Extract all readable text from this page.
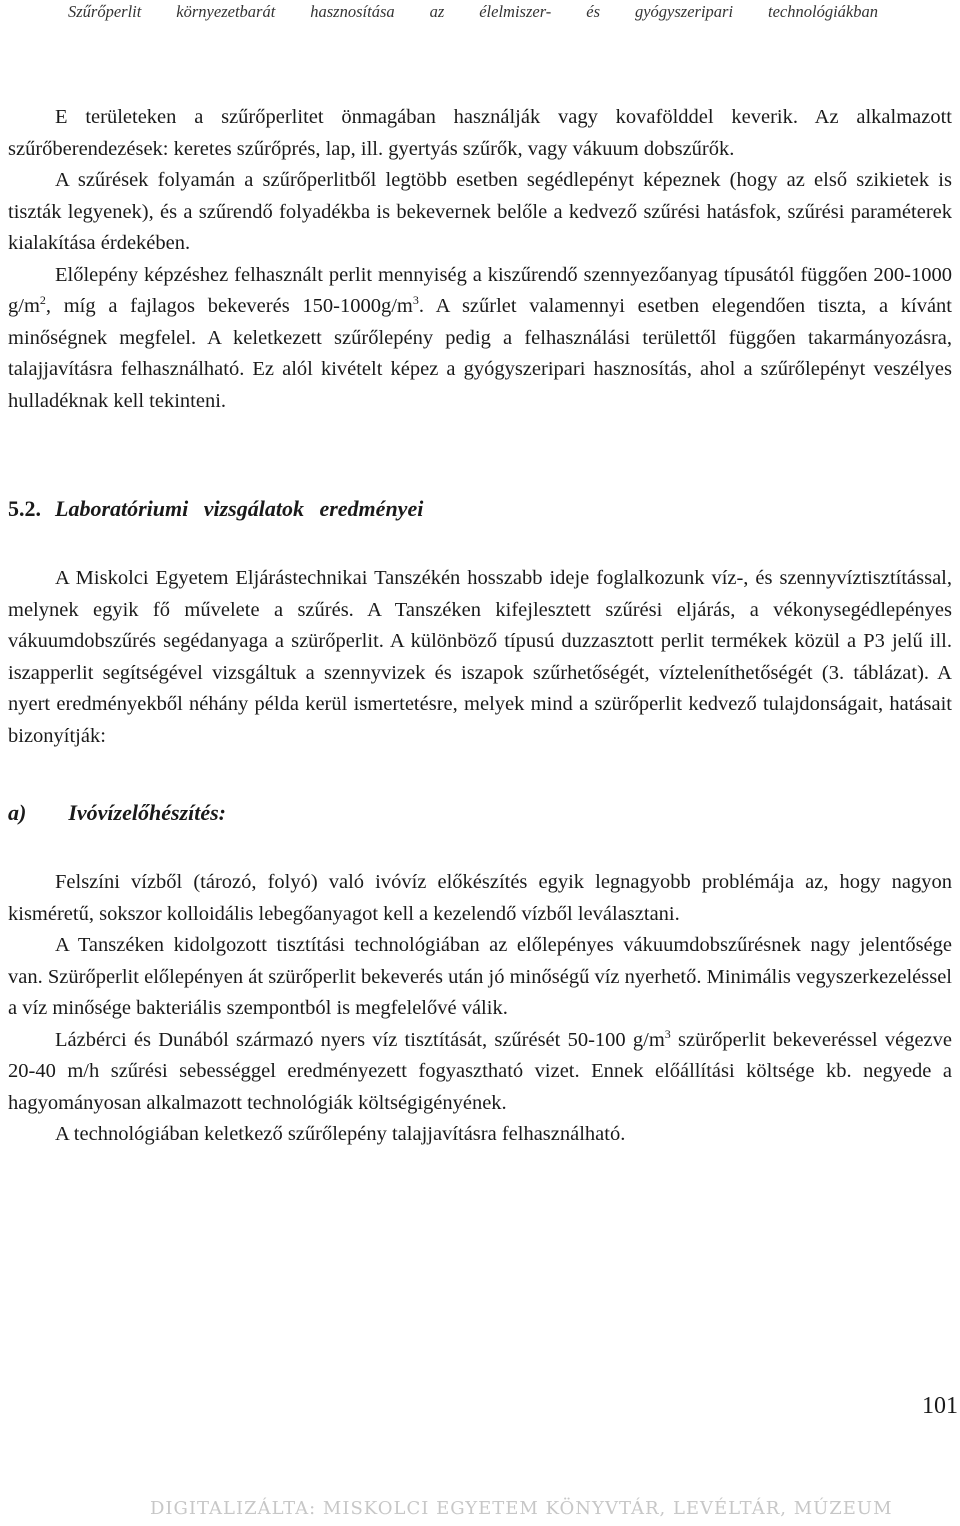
Szűrőperlit környezetbarát hasznosítása az élelmiszer- és gyógyszeripari technológiákban

E területeken a szűrőperlitet önmagában használják vagy kovafölddel keverik. Az alkalmazott szűrőberendezések: keretes szűrőprés, lap, ill. gyertyás szűrők, vagy vákuum dobszűrők.

A szűrések folyamán a szűrőperlitből legtöbb esetben segédlepényt képeznek (hogy az első szikietek is tiszták legyenek), és a szűrendő folyadékba is bekevernek belőle a kedvező szűrési hatásfok, szűrési paraméterek kialakítása érdekében.

Előlepény képzéshez felhasznált perlit mennyiség a kiszűrendő szennyezőanyag típusától függően 200-1000 $g/m^2$, míg a fajlagos bekeverés $150-1000g/m^3$. A szűrlet valamennyi esetben elegendően tiszta, a kívánt minőségnek megfelel. A keletkezett szűrőlepény pedig a felhasználási területtől függően takarmányozásra, talajjavításra felhasználható. Ez alól kivételt képez a gyógyszeripari hasznosítás, ahol a szűrőlepényt veszélyes hulladéknak kell tekinteni.

5.2. Laboratóriumi vizsgálatok eredményei

A Miskolci Egyetem Eljárástechnikai Tanszékén hosszabb ideje foglalkozunk víz-, és szennyvíztisztítással, melynek egyik fő művelete a szűrés. A Tanszéken kifejlesztett szűrési eljárás, a vékonysegédlepényes vákuumdobszűrés segédanyaga a szürőperlit. A különböző típusú duzzasztott perlit termékek közül a P3 jelű ill. iszapperlit segítségével vizsgáltuk a szennyvizek és iszapok szűrhetőségét, vízteleníthetőségét (3. táblázat). A nyert eredményekből néhány példa kerül ismertetésre, melyek mind a szürőperlit kedvező tulajdonságait, hatásait bizonyítják:

a) Ivóvízelőhészítés:

Felszíni vízből (tározó, folyó) való ivóvíz előkészítés egyik legnagyobb problémája az, hogy nagyon kisméretű, sokszor kolloidális lebegőanyagot kell a kezelendő vízből leválasztani.

A Tanszéken kidolgozott tisztítási technológiában az előlepényes vákuumdobszűrésnek nagy jelentősége van. Szürőperlit előlepényen át szürőperlit bekeverés után jó minőségű víz nyerhető. Minimális vegyszerkezeléssel a víz minősége bakteriális szempontból is megfelelővé válik.

Lázbérci és Dunából származó nyers víz tisztítását, szűrését 50-100 $g/m^3$ szürőperlit bekeveréssel végezve 20-40 m/h szűrési sebességgel eredményezett fogyasztható vizet. Ennek előállítási költsége kb. negyede a hagyományosan alkalmazott technológiák költségigényének.

A technológiában keletkező szűrőlepény talajjavításra felhasználható.

101
DIGITALIZÁLTA: MISKOLCI EGYETEM KÖNYVTÁR, LEVÉLTÁR, MÚZEUM
